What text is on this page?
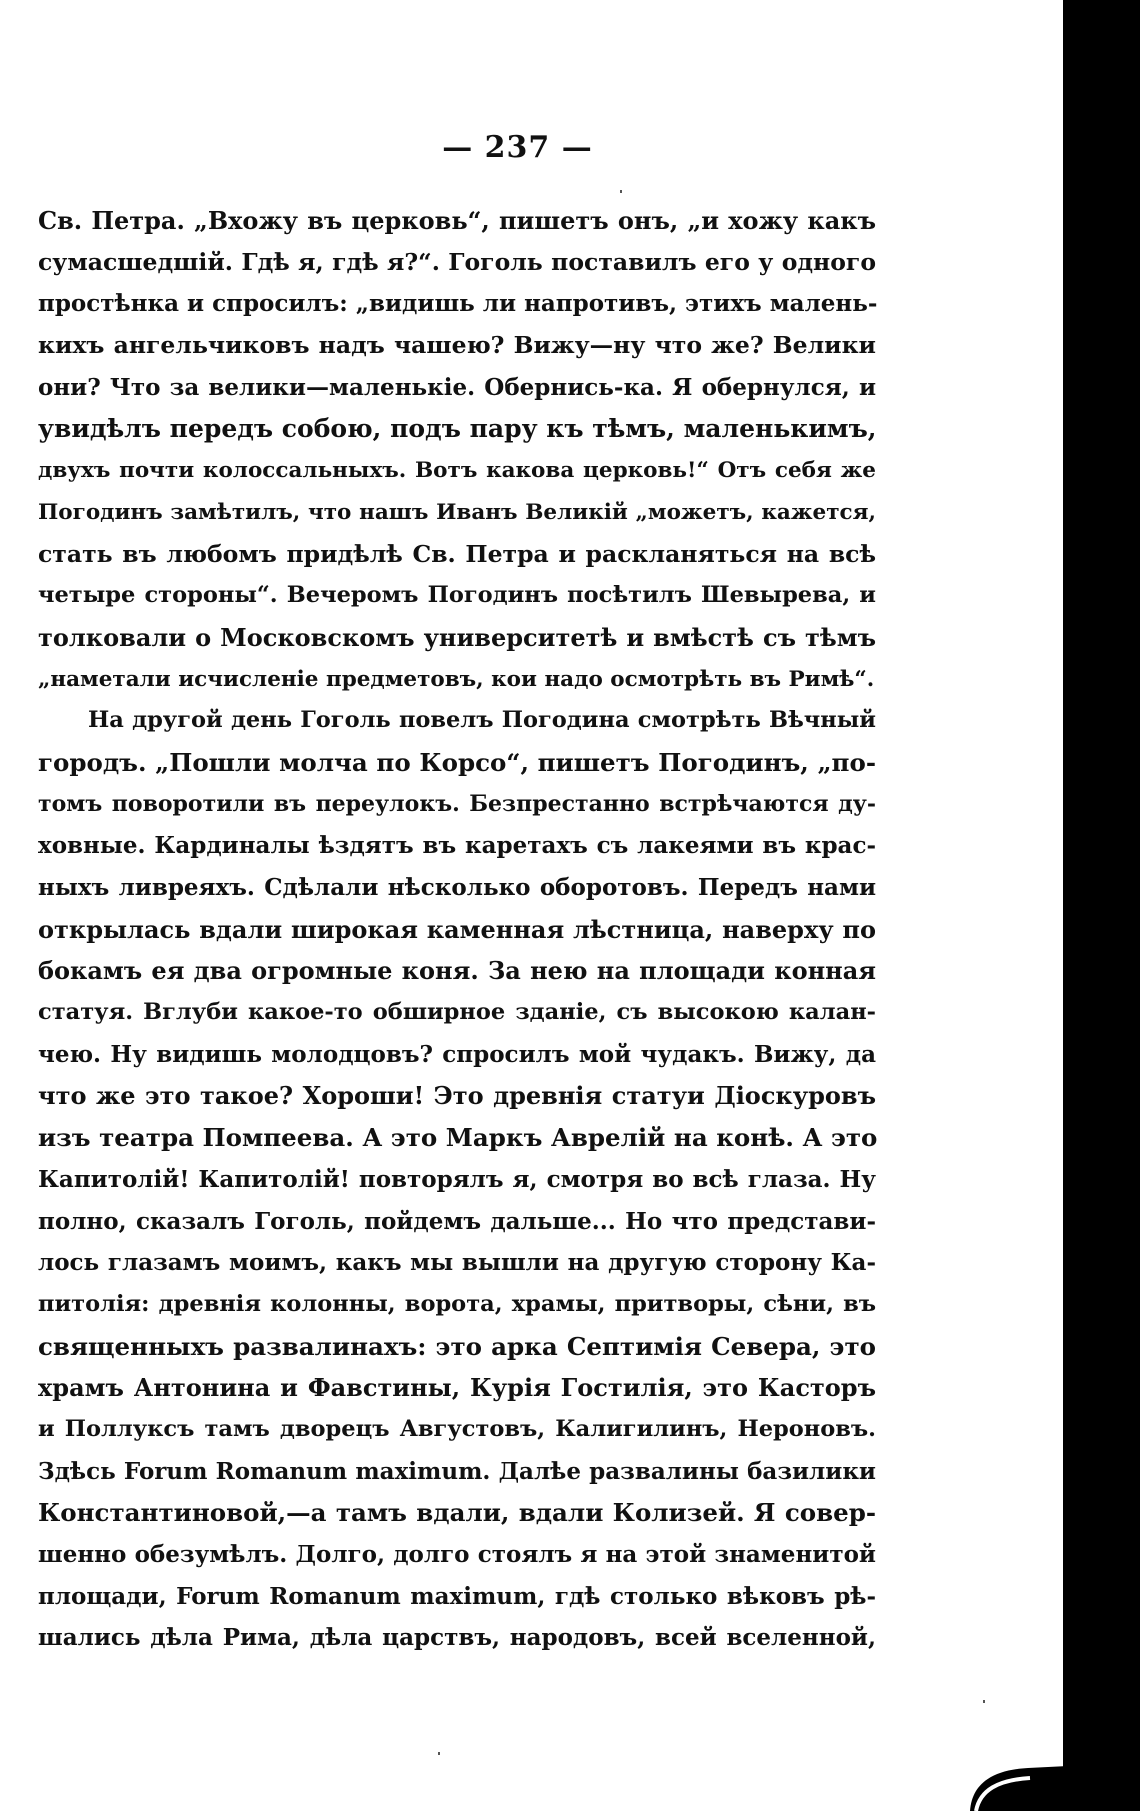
— 237 —
Св. Петра. „Вхожу въ церковь“, пишетъ онъ, „и хожу какъ
сумасшедшій. Гдѣ я, гдѣ я?“. Гоголь поставилъ его у одного
простѣнка и спросилъ: „видишь ли напротивъ, этихъ малень-
кихъ ангельчиковъ надъ чашею? Вижу—ну что же? Велики
они? Что за велики—маленькіе. Обернись-ка. Я обернулся, и
увидѣлъ передъ собою, подъ пару къ тѣмъ, маленькимъ,
двухъ почти колоссальныхъ. Вотъ какова церковь!“ Отъ себя же
Погодинъ замѣтилъ, что нашъ Иванъ Великій „можетъ, кажется,
стать въ любомъ придѣлѣ Св. Петра и раскланяться на всѣ
четыре стороны“. Вечеромъ Погодинъ посѣтилъ Шевырева, и
толковали о Московскомъ университетѣ и вмѣстѣ съ тѣмъ
„наметали исчисленіе предметовъ, кои надо осмотрѣть въ Римѣ“.
На другой день Гоголь повелъ Погодина смотрѣть Вѣчный
городъ. „Пошли молча по Корсо“, пишетъ Погодинъ, „по-
томъ поворотили въ переулокъ. Безпрестанно встрѣчаются ду-
ховные. Кардиналы ѣздятъ въ каретахъ съ лакеями въ крас-
ныхъ ливреяхъ. Сдѣлали нѣсколько оборотовъ. Передъ нами
открылась вдали широкая каменная лѣстница, наверху по
бокамъ ея два огромные коня. За нею на площади конная
статуя. Вглуби какое-то обширное зданіе, съ высокою калан-
чею. Ну видишь молодцовъ? спросилъ мой чудакъ. Вижу, да
что же это такое? Хороши! Это древнія статуи Діоскуровъ
изъ театра Помпеева. А это Маркъ Аврелій на конѣ. А это
Капитолій! Капитолій! повторялъ я, смотря во всѣ глаза. Ну
полно, сказалъ Гоголь, пойдемъ дальше... Но что представи-
лось глазамъ моимъ, какъ мы вышли на другую сторону Ка-
питолія: древнія колонны, ворота, храмы, притворы, сѣни, въ
священныхъ развалинахъ: это арка Септимія Севера, это
храмъ Антонина и Фавстины, Курія Гостилія, это Касторъ
и Поллуксъ тамъ дворецъ Августовъ, Калигилинъ, Нероновъ.
Здѣсь Forum Romanum maximum. Далѣе развалины базилики
Константиновой,—а тамъ вдали, вдали Колизей. Я совер-
шенно обезумѣлъ. Долго, долго стоялъ я на этой знаменитой
площади, Forum Romanum maximum, гдѣ столько вѣковъ рѣ-
шались дѣла Рима, дѣла царствъ, народовъ, всей вселенной,
